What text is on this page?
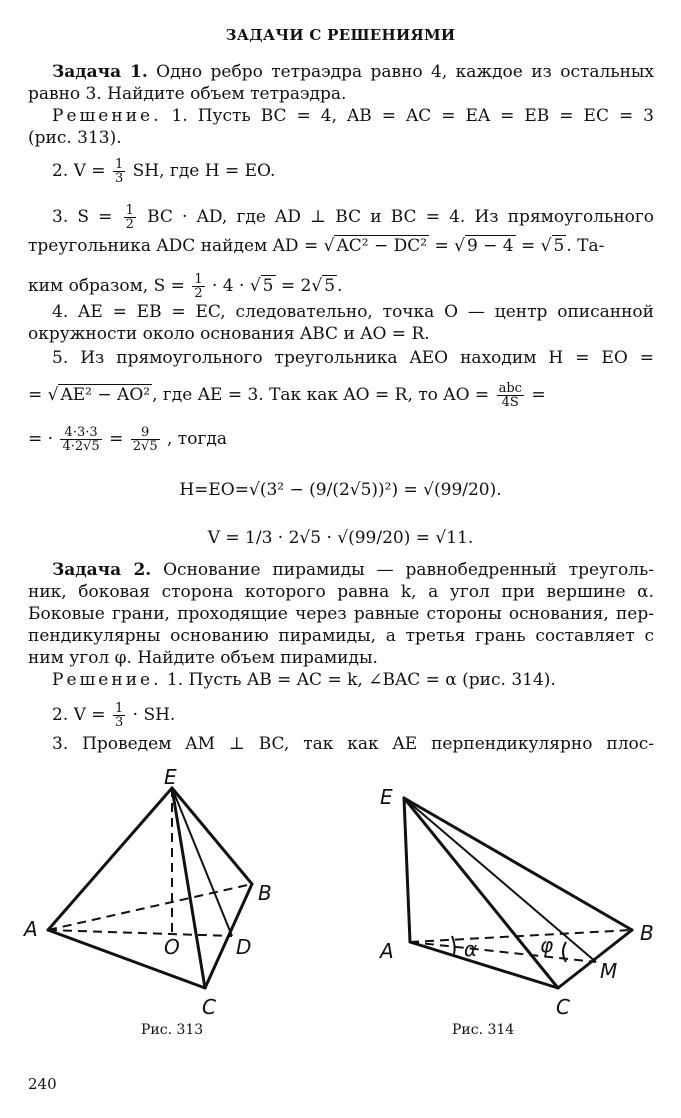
ЗАДАЧИ С РЕШЕНИЯМИ
Задача 1. Одно ребро тетраэдра равно 4, каждое из остальных
равно 3. Найдите объем тетраэдра.
Решение. 1. Пусть BC = 4, AB = AC = EA = EB = EC = 3
(рис. 313).
2. $V = \frac{1}{3}$ SH, где H = EO.
3. $S = \frac{1}{2}$ BC · AD, где AD ⊥ BC и BC = 4. Из прямоугольного
треугольника ADC найдем AD = √ AC² − DC² = √ 9 − 4 = √ 5 . Та-
ким образом, $S = \frac{1}{2} \cdot 4$ · √ 5 = 2√ 5 .
4. AE = EB = EC, следовательно, точка O — центр описанной
окружности около основания ABC и AO = R.
5. Из прямоугольного треугольника AEO находим H = EO =
= √ AE² − AO² , где AE = 3. Так как AO = R, то AO = $\frac{\text{abc}}{4S}$ =
= · $\frac{4\cdot 3\cdot 3}{4\cdot 2√5} = \frac{9}{2√5}$ , тогда
H=EO=√(3² − (9/(2√5))²) = √(99/20).
V = 1/3 · 2√5 · √(99/20) = √11.
Задача 2. Основание пирамиды — равнобедренный треуголь-
ник, боковая сторона которого равна k, а угол при вершине α.
Боковые грани, проходящие через равные стороны основания, пер-
пендикулярны основанию пирамиды, а третья грань составляет с
ним угол φ. Найдите объем пирамиды.
Решение. 1. Пусть AB = AC = k, ∠BAC = α (рис. 314).
2. $V = \frac{1}{3}$ · SH.
3. Проведем AM ⊥ BC, так как AE перпендикулярно плос-
E
A
B
C
D
O
Рис. 313
E
A
B
C
M
α	φ
Рис. 314
240
